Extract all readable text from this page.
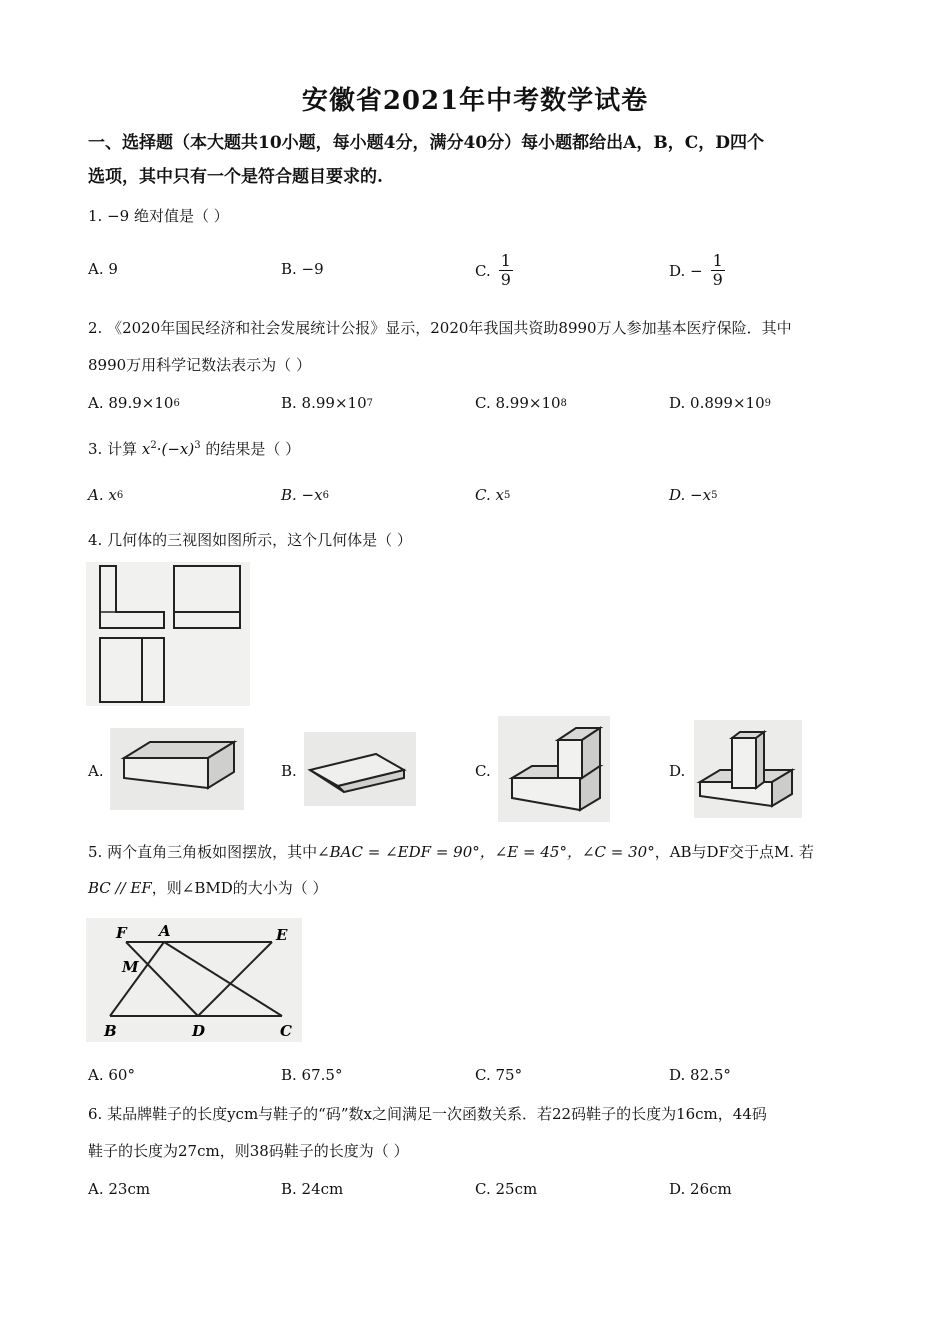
安徽省2021年中考数学试卷
一、选择题（本大题共10小题，每小题4分，满分40分）每小题都给出A，B，C，D四个
选项，其中只有一个是符合题目要求的.
1. −9 绝对值是（ ）
A. 9	B. −9	C. $\frac{1}{9}$	D. − $\frac{1}{9}$
2. 《2020年国民经济和社会发展统计公报》显示，2020年我国共资助8990万人参加基本医疗保险．其中
8990万用科学记数法表示为（ ）
A. 89.9×10 6	B. 8.99×10 7	C. 8.99×10 8	D. 0.899×10 9
3. 计算 $x^2\cdot(-x)^3$ 的结果是（ ）
A. x 6	B. −x 6	C. x 5	D. −x 5
4. 几何体的三视图如图所示，这个几何体是（ ）
A.	B.	C.	D.
5. 两个直角三角板如图摆放，其中∠BAC = ∠EDF = 90°，∠E = 45°，∠C = 30°，AB与DF交于点M. 若
BC // EF，则∠BMD的大小为（ ）
F A	E
M
B	D	C
A. 60°	B. 67.5°	C. 75°	D. 82.5°
6. 某品牌鞋子的长度ycm与鞋子的“码”数x之间满足一次函数关系．若22码鞋子的长度为16cm，44码
鞋子的长度为27cm，则38码鞋子的长度为（ ）
A. 23cm	B. 24cm	C. 25cm	D. 26cm
